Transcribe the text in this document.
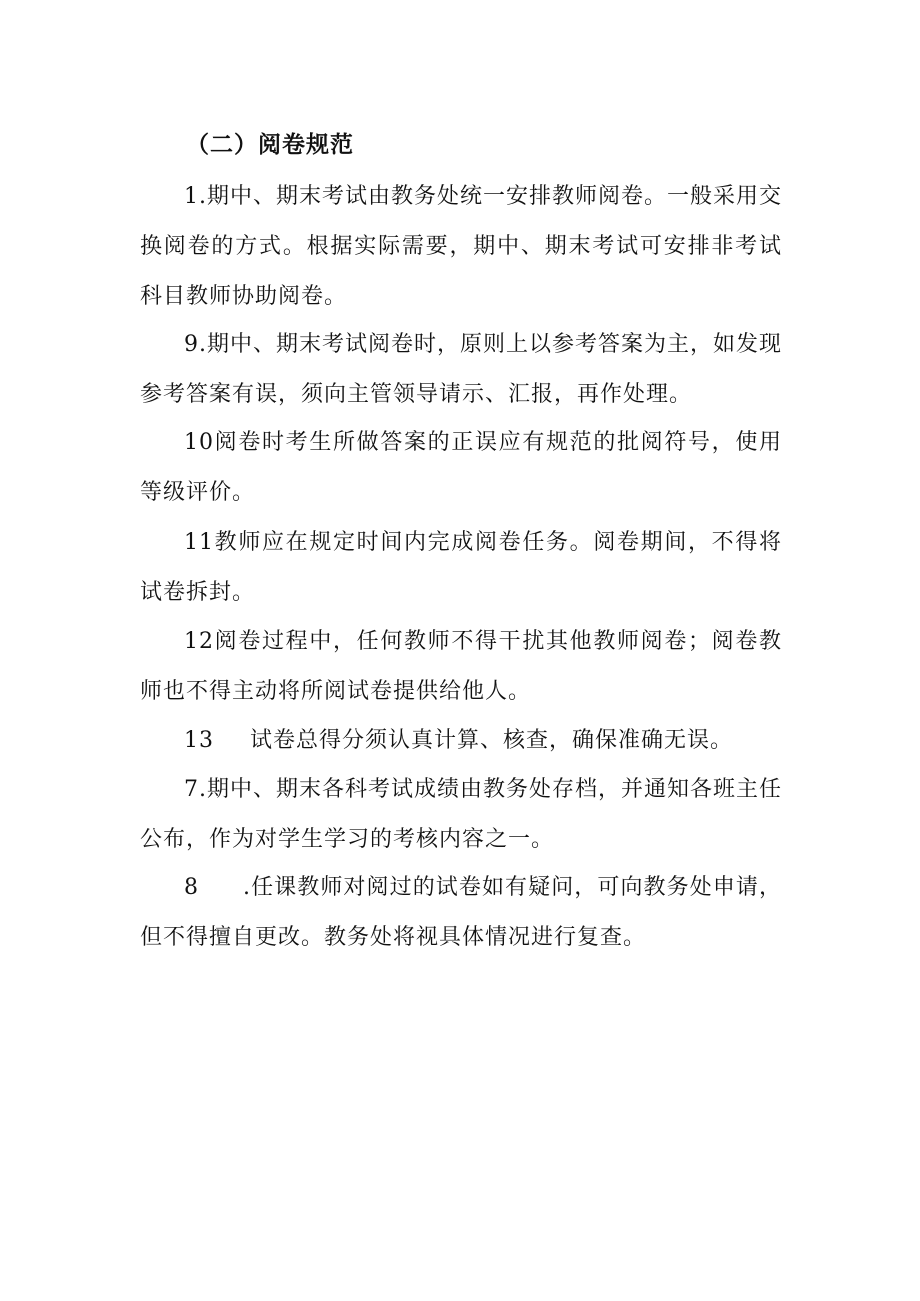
（二）阅卷规范

1.期中、期末考试由教务处统一安排教师阅卷。一般采用交换阅卷的方式。根据实际需要，期中、期末考试可安排非考试科目教师协助阅卷。

9.期中、期末考试阅卷时，原则上以参考答案为主，如发现参考答案有误，须向主管领导请示、汇报，再作处理。

10阅卷时考生所做答案的正误应有规范的批阅符号，使用等级评价。

11教师应在规定时间内完成阅卷任务。阅卷期间，不得将试卷拆封。

12阅卷过程中，任何教师不得干扰其他教师阅卷；阅卷教师也不得主动将所阅试卷提供给他人。

13 试卷总得分须认真计算、核查，确保准确无误。

7.期中、期末各科考试成绩由教务处存档，并通知各班主任公布，作为对学生学习的考核内容之一。

8 .任课教师对阅过的试卷如有疑问，可向教务处申请，但不得擅自更改。教务处将视具体情况进行复查。
